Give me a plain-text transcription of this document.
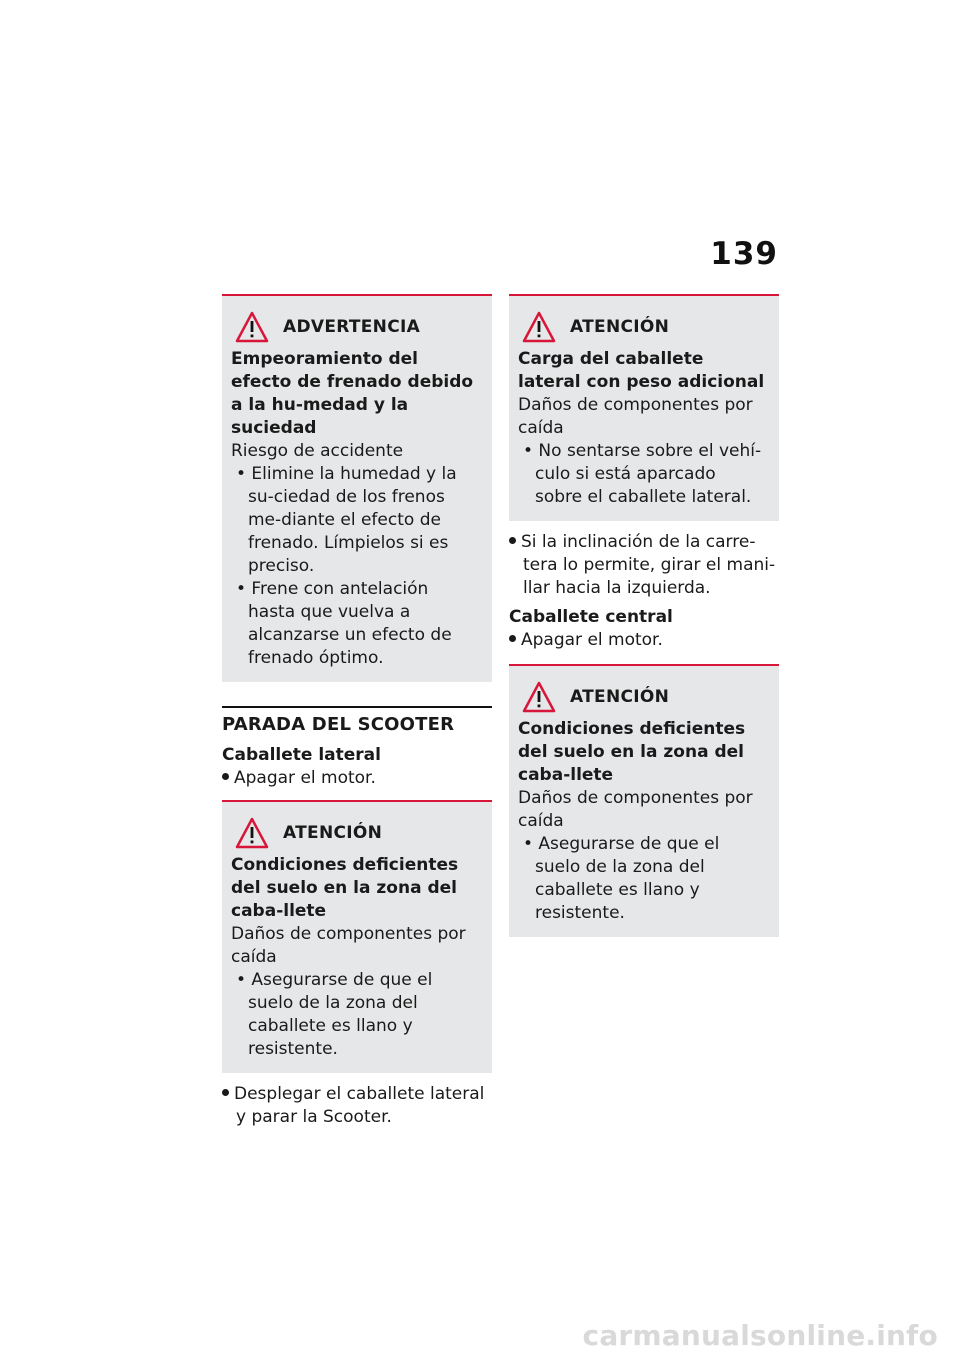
139
ADVERTENCIA
Empeoramiento del efecto de frenado debido a la hu-medad y la suciedad
Riesgo de accidente
• Elimine la humedad y la su-ciedad de los frenos me-diante el efecto de frenado. Límpielos si es preciso.
• Frene con antelación hasta que vuelva a alcanzarse un efecto de frenado óptimo.
PARADA DEL SCOOTER
Caballete lateral
Apagar el motor.
ATENCIÓN
Condiciones deficientes del suelo en la zona del caba-llete
Daños de componentes por caída
• Asegurarse de que el suelo de la zona del caballete es llano y resistente.
Desplegar el caballete lateral y parar la Scooter.
ATENCIÓN
Carga del caballete lateral con peso adicional
Daños de componentes por caída
• No sentarse sobre el vehí-culo si está aparcado sobre el caballete lateral.
Si la inclinación de la carre-tera lo permite, girar el mani-llar hacia la izquierda.
Caballete central
Apagar el motor.
ATENCIÓN
Condiciones deficientes del suelo en la zona del caba-llete
Daños de componentes por caída
• Asegurarse de que el suelo de la zona del caballete es llano y resistente.
carmanualsonline.info
